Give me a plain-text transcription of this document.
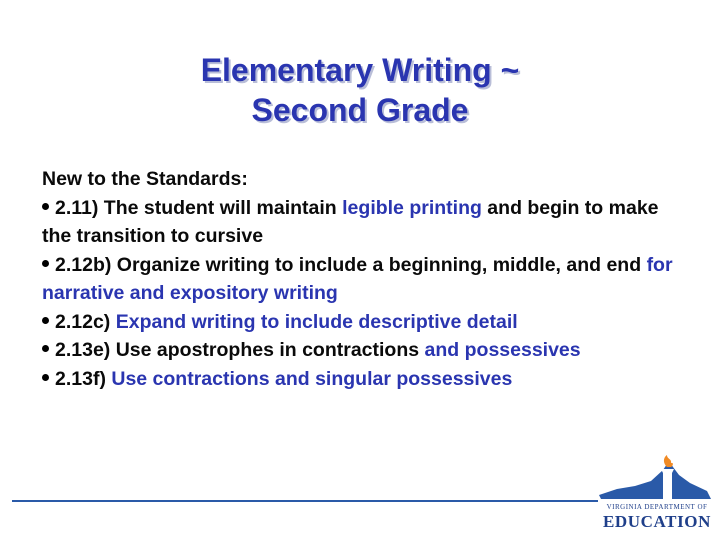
Elementary Writing ~
Second Grade
New to the Standards:
2.11) The student will maintain legible printing and begin to make the transition to cursive
2.12b) Organize writing to include a beginning, middle, and end for narrative and expository writing
2.12c) Expand writing to include descriptive detail
2.13e) Use apostrophes in contractions and possessives
2.13f) Use contractions and singular possessives
VIRGINIA DEPARTMENT OF
EDUCATION
